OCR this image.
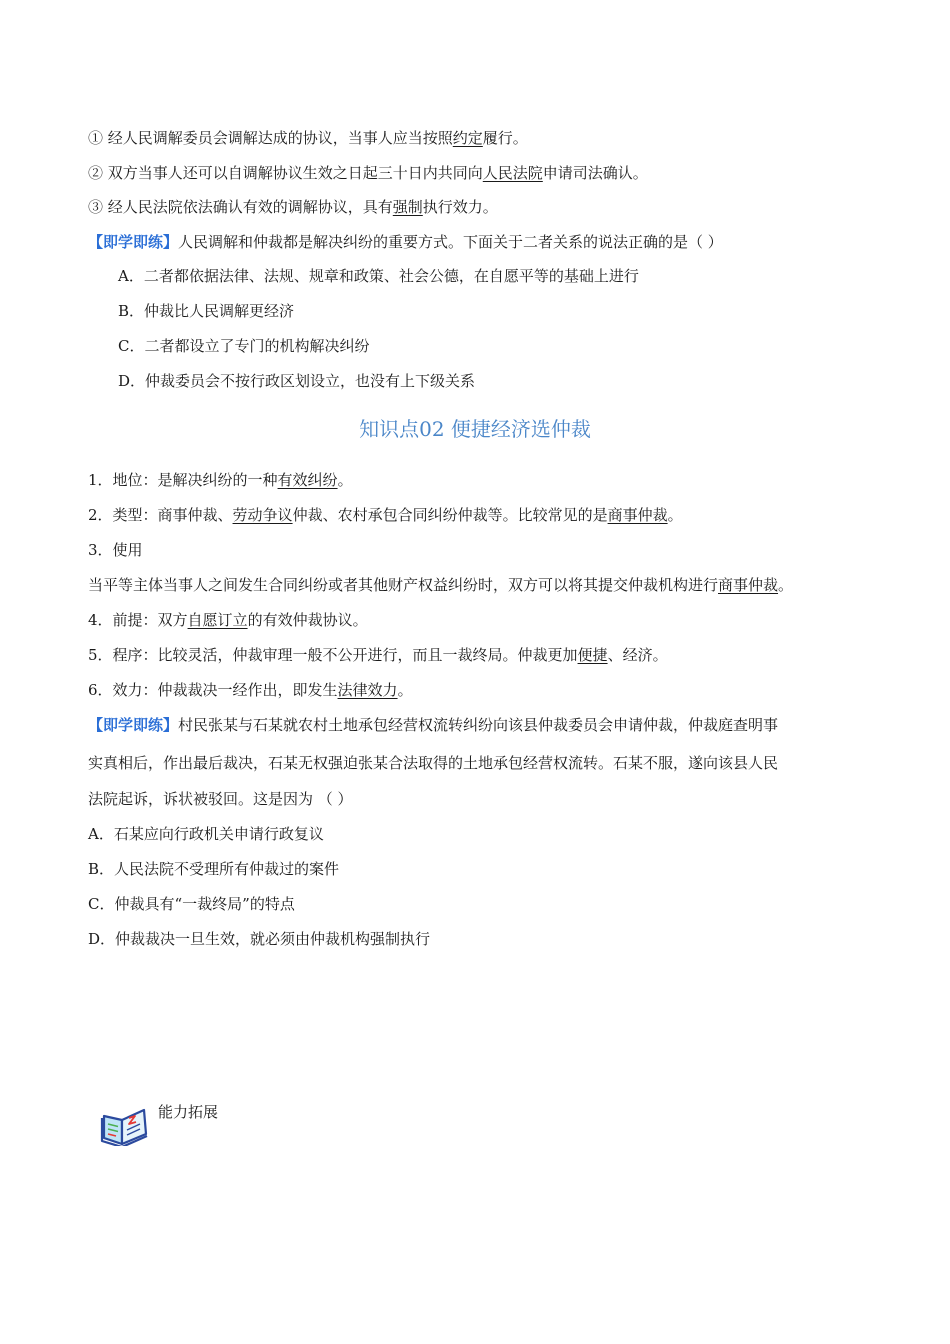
① 经人民调解委员会调解达成的协议，当事人应当按照约定履行。
② 双方当事人还可以自调解协议生效之日起三十日内共同向人民法院申请司法确认。
③ 经人民法院依法确认有效的调解协议，具有强制执行效力。
【即学即练】人民调解和仲裁都是解决纠纷的重要方式。下面关于二者关系的说法正确的是（ ）
A．二者都依据法律、法规、规章和政策、社会公德，在自愿平等的基础上进行
B．仲裁比人民调解更经济
C．二者都设立了专门的机构解决纠纷
D．仲裁委员会不按行政区划设立，也没有上下级关系
知识点02 便捷经济选仲裁
1．地位：是解决纠纷的一种有效纠纷。
2．类型：商事仲裁、劳动争议仲裁、农村承包合同纠纷仲裁等。比较常见的是商事仲裁。
3．使用
当平等主体当事人之间发生合同纠纷或者其他财产权益纠纷时，双方可以将其提交仲裁机构进行商事仲裁。
4．前提：双方自愿订立的有效仲裁协议。
5．程序：比较灵活，仲裁审理一般不公开进行，而且一裁终局。仲裁更加便捷、经济。
6．效力：仲裁裁决一经作出，即发生法律效力。
【即学即练】村民张某与石某就农村土地承包经营权流转纠纷向该县仲裁委员会申请仲裁，仲裁庭查明事
实真相后，作出最后裁决，石某无权强迫张某合法取得的土地承包经营权流转。石某不服，遂向该县人民
法院起诉，诉状被驳回。这是因为 （ ）
A．石某应向行政机关申请行政复议
B．人民法院不受理所有仲裁过的案件
C．仲裁具有“一裁终局”的特点
D．仲裁裁决一旦生效，就必须由仲裁机构强制执行
能力拓展
